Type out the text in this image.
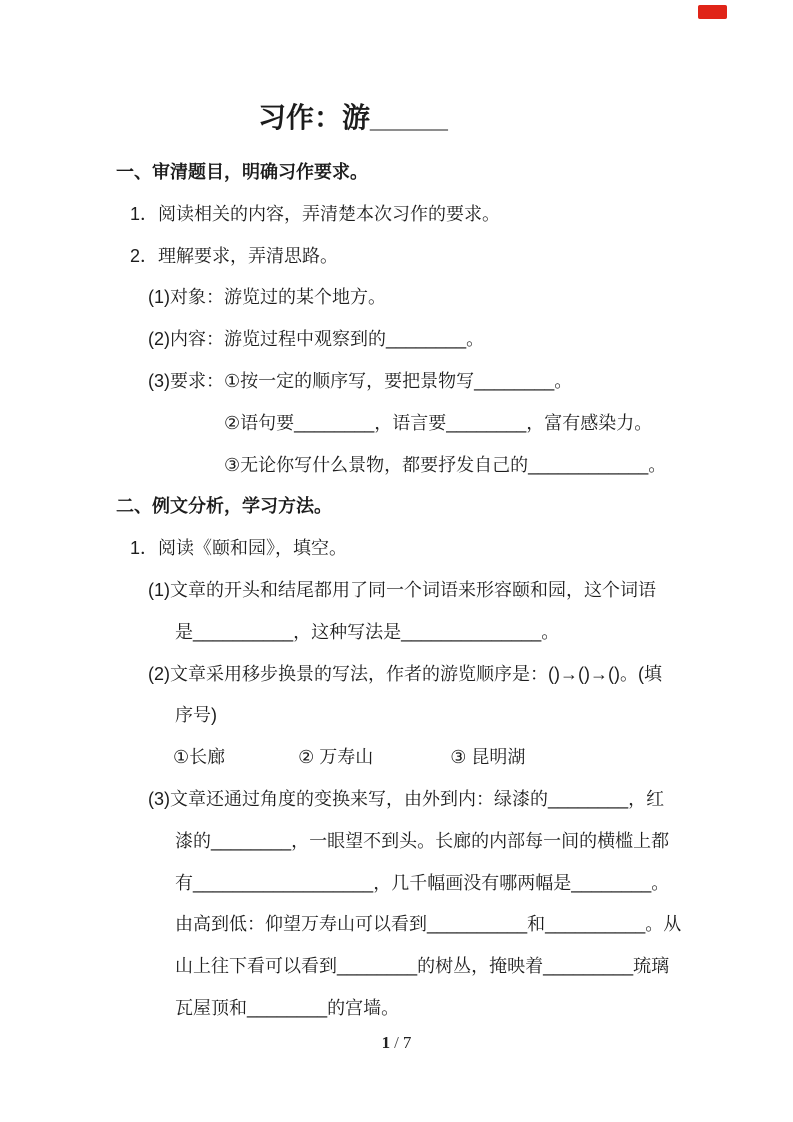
习作：游_____
一、审清题目，明确习作要求。
1．阅读相关的内容，弄清楚本次习作的要求。
2．理解要求，弄清思路。
(1)对象：游览过的某个地方。
(2)内容：游览过程中观察到的________。
(3)要求：①按一定的顺序写，要把景物写________。
②语句要________，语言要________，富有感染力。
③无论你写什么景物，都要抒发自己的____________。
二、例文分析，学习方法。
1．阅读《颐和园》，填空。
(1)文章的开头和结尾都用了同一个词语来形容颐和园，这个词语
是__________，这种写法是______________。
(2)文章采用移步换景的写法，作者的游览顺序是：()→()→()。(填
序号)
①长廊	② 万寿山	③ 昆明湖
(3)文章还通过角度的变换来写，由外到内：绿漆的________，红
漆的________，一眼望不到头。长廊的内部每一间的横槛上都
有__________________，几千幅画没有哪两幅是________。
由高到低：仰望万寿山可以看到__________和__________。从
山上往下看可以看到________的树丛，掩映着_________琉璃
瓦屋顶和________的宫墙。
1 / 7
